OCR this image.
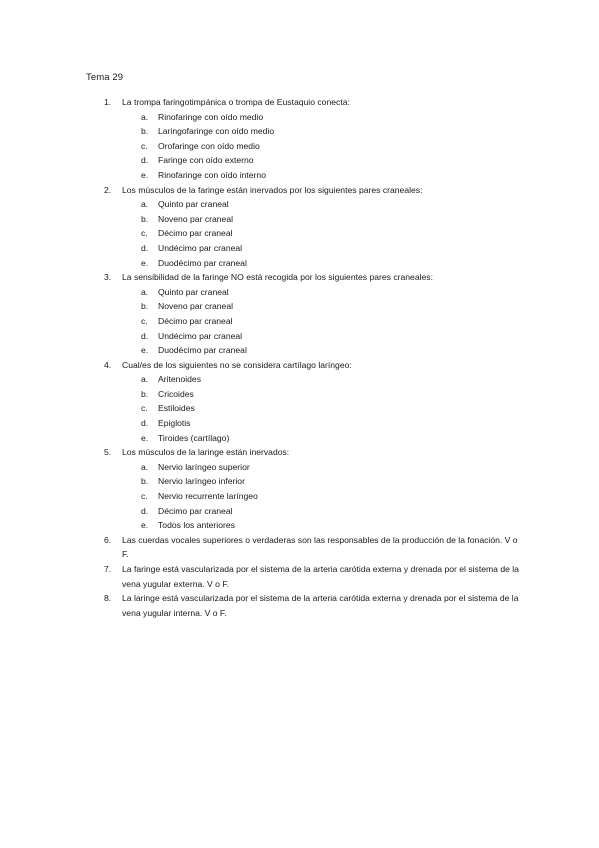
Tema 29
1.	La trompa faringotimpánica o trompa de Eustaquio conecta:
a. Rinofaringe con oído medio
b. Laringofaringe con oído medio
c. Orofaringe con oído medio
d. Faringe con oído externo
e. Rinofaringe con oído interno
2.	Los músculos de la faringe están inervados por los siguientes pares craneales:
a. Quinto par craneal
b. Noveno par craneal
c. Décimo par craneal
d. Undécimo par craneal
e. Duodécimo par craneal
3.	La sensibilidad de la faringe NO está recogida por los siguientes pares craneales:
a. Quinto par craneal
b. Noveno par craneal
c. Décimo par craneal
d. Undécimo par craneal
e. Duodécimo par craneal
4.	Cual/es de los siguientes no se considera cartílago laríngeo:
a. Aritenoides
b. Cricoides
c. Estiloides
d. Epiglotis
e. Tiroides (cartílago)
5.	Los músculos de la laringe están inervados:
a. Nervio laríngeo superior
b. Nervio laríngeo inferior
c. Nervio recurrente laríngeo
d. Décimo par craneal
e. Todos los anteriores
6.	Las cuerdas vocales superiores o verdaderas son las responsables de la producción de la fonación. V o F.
7.	La faringe está vascularizada por el sistema de la arteria carótida externa y drenada por el sistema de la vena yugular externa. V o F.
8.	La laringe está vascularizada por el sistema de la arteria carótida externa y drenada por el sistema de la vena yugular interna. V o F.
